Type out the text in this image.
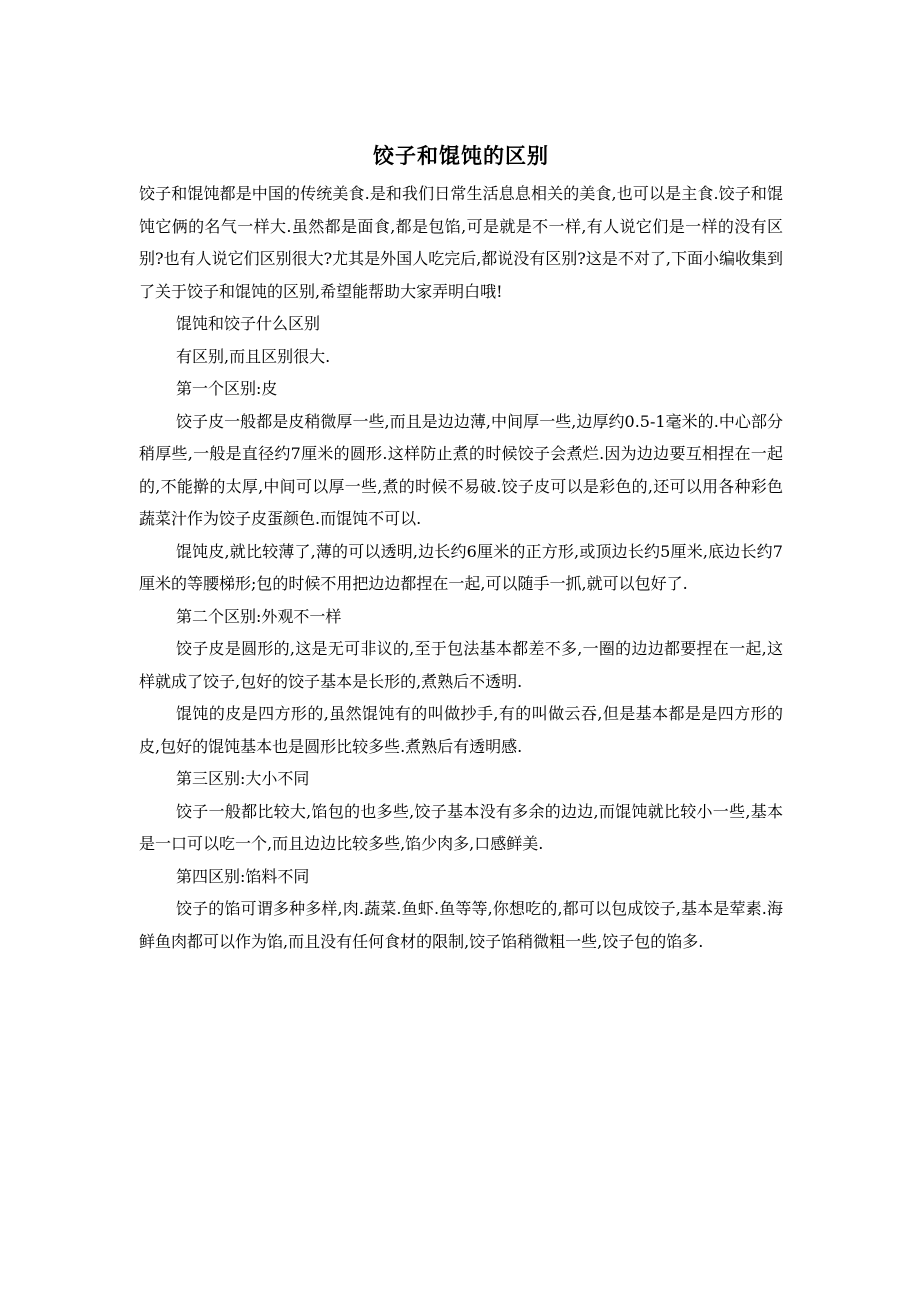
饺子和馄饨的区别

饺子和馄饨都是中国的传统美食.是和我们日常生活息息相关的美食,也可以是主食.饺子和馄饨它俩的名气一样大.虽然都是面食,都是包馅,可是就是不一样,有人说它们是一样的没有区别?也有人说它们区别很大?尤其是外国人吃完后,都说没有区别?这是不对了,下面小编收集到了关于饺子和馄饨的区别,希望能帮助大家弄明白哦!

馄饨和饺子什么区别

有区别,而且区别很大.

第一个区别:皮

饺子皮一般都是皮稍微厚一些,而且是边边薄,中间厚一些,边厚约0.5-1毫米的.中心部分稍厚些,一般是直径约7厘米的圆形.这样防止煮的时候饺子会煮烂.因为边边要互相捏在一起的,不能擀的太厚,中间可以厚一些,煮的时候不易破.饺子皮可以是彩色的,还可以用各种彩色蔬菜汁作为饺子皮蛋颜色.而馄饨不可以.

馄饨皮,就比较薄了,薄的可以透明,边长约6厘米的正方形,或顶边长约5厘米,底边长约7厘米的等腰梯形;包的时候不用把边边都捏在一起,可以随手一抓,就可以包好了.

第二个区别:外观不一样

饺子皮是圆形的,这是无可非议的,至于包法基本都差不多,一圈的边边都要捏在一起,这样就成了饺子,包好的饺子基本是长形的,煮熟后不透明.

馄饨的皮是四方形的,虽然馄饨有的叫做抄手,有的叫做云吞,但是基本都是是四方形的皮,包好的馄饨基本也是圆形比较多些.煮熟后有透明感.

第三区别:大小不同

饺子一般都比较大,馅包的也多些,饺子基本没有多余的边边,而馄饨就比较小一些,基本是一口可以吃一个,而且边边比较多些,馅少肉多,口感鲜美.

第四区别:馅料不同

饺子的馅可谓多种多样,肉.蔬菜.鱼虾.鱼等等,你想吃的,都可以包成饺子,基本是荤素.海鲜鱼肉都可以作为馅,而且没有任何食材的限制,饺子馅稍微粗一些,饺子包的馅多.
